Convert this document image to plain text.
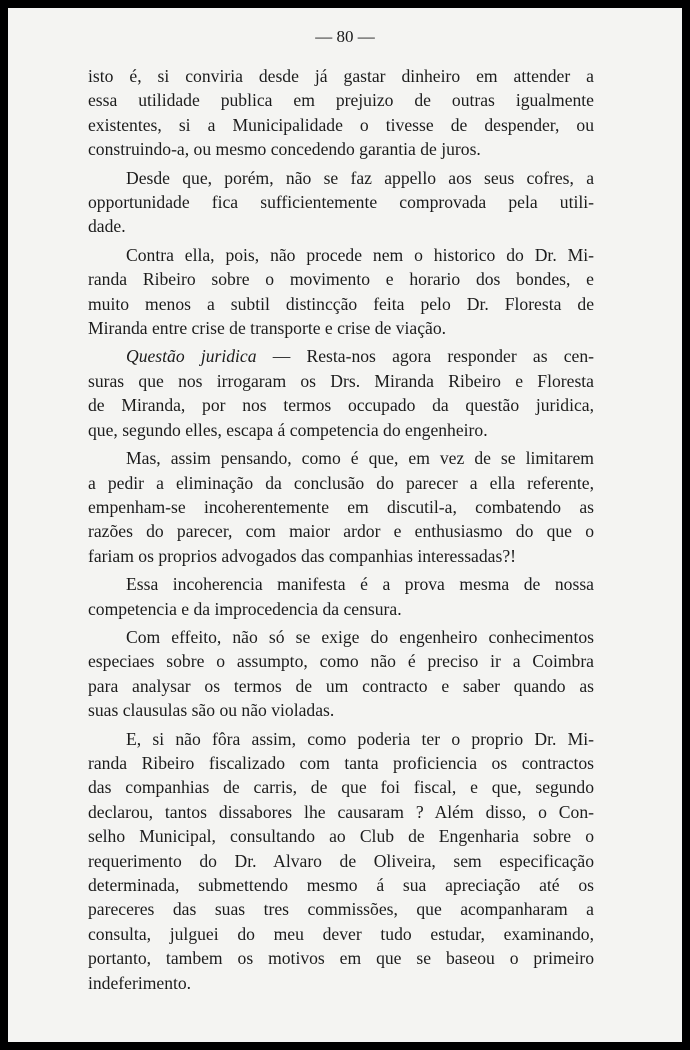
— 80 —

isto é, si conviria desde já gastar dinheiro em attender a
essa utilidade publica em prejuizo de outras igualmente
existentes, si a Municipalidade o tivesse de despender, ou
construindo-a, ou mesmo concedendo garantia de juros.

Desde que, porém, não se faz appello aos seus cofres, a
opportunidade fica sufficientemente comprovada pela utili-
dade.

Contra ella, pois, não procede nem o historico do Dr. Mi-
randa Ribeiro sobre o movimento e horario dos bondes, e
muito menos a subtil distincção feita pelo Dr. Floresta de
Miranda entre crise de transporte e crise de viação.

Questão juridica — Resta-nos agora responder as cen-
suras que nos irrogaram os Drs. Miranda Ribeiro e Floresta
de Miranda, por nos termos occupado da questão juridica,
que, segundo elles, escapa á competencia do engenheiro.

Mas, assim pensando, como é que, em vez de se limitarem
a pedir a eliminação da conclusão do parecer a ella referente,
empenham-se incoherentemente em discutil-a, combatendo as
razões do parecer, com maior ardor e enthusiasmo do que o
fariam os proprios advogados das companhias interessadas?!

Essa incoherencia manifesta é a prova mesma de nossa
competencia e da improcedencia da censura.

Com effeito, não só se exige do engenheiro conhecimentos
especiaes sobre o assumpto, como não é preciso ir a Coimbra
para analysar os termos de um contracto e saber quando as
suas clausulas são ou não violadas.

E, si não fôra assim, como poderia ter o proprio Dr. Mi-
randa Ribeiro fiscalizado com tanta proficiencia os contractos
das companhias de carris, de que foi fiscal, e que, segundo
declarou, tantos dissabores lhe causaram ? Além disso, o Con-
selho Municipal, consultando ao Club de Engenharia sobre o
requerimento do Dr. Alvaro de Oliveira, sem especificação
determinada, submettendo mesmo á sua apreciação até os
pareceres das suas tres commissões, que acompanharam a
consulta, julguei do meu dever tudo estudar, examinando,
portanto, tambem os motivos em que se baseou o primeiro
indeferimento.
